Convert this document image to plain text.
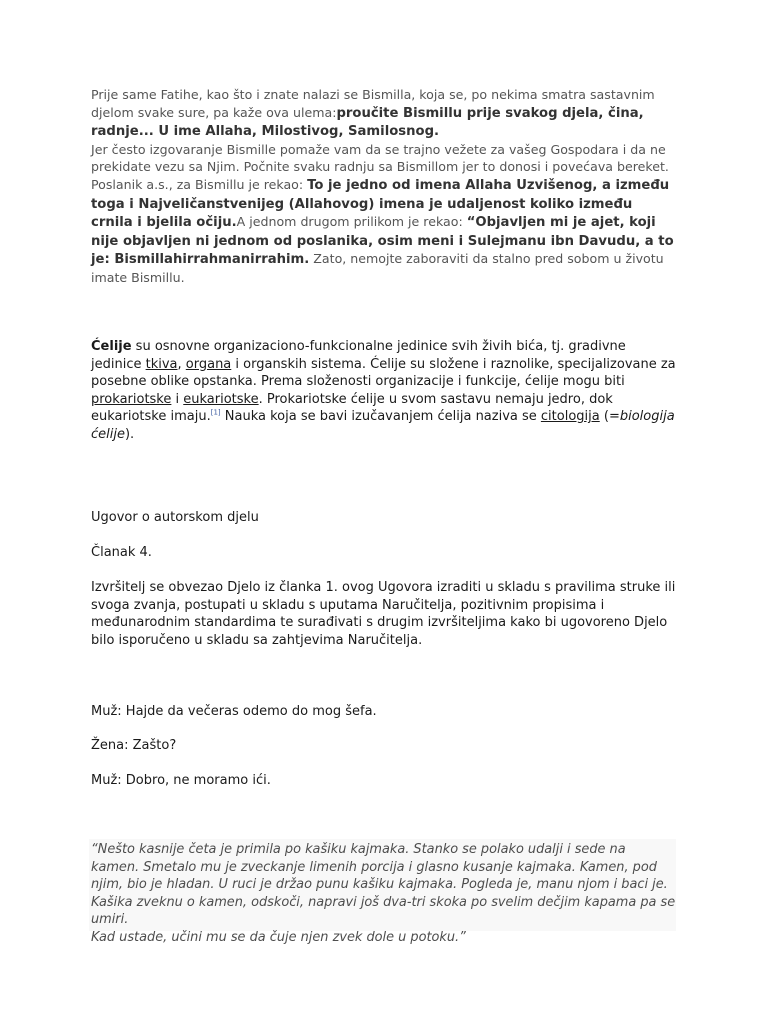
Prije same Fatihe, kao što i znate nalazi se Bismilla, koja se, po nekima smatra sastavnim djelom svake sure, pa kaže ova ulema:proučite Bismillu prije svakog djela, čina, radnje... U ime Allaha, Milostivog, Samilosnog.
Jer često izgovaranje Bismille pomaže vam da se trajno vežete za vašeg Gospodara i da ne prekidate vezu sa Njim. Počnite svaku radnju sa Bismillom jer to donosi i povećava bereket. Poslanik a.s., za Bismillu je rekao: To je jedno od imena Allaha Uzvišenog, a između toga i Najveličanstvenijeg (Allahovog) imena je udaljenost koliko između crnila i bjelila očiju.A jednom drugom prilikom je rekao: “Objavljen mi je ajet, koji nije objavljen ni jednom od poslanika, osim meni i Sulejmanu ibn Davudu, a to je: Bismillahirrahmanirrahim. Zato, nemojte zaboraviti da stalno pred sobom u životu imate Bismillu.

Ćelije su osnovne organizaciono-funkcionalne jedinice svih živih bića, tj. gradivne jedinice tkiva, organa i organskih sistema. Ćelije su složene i raznolike, specijalizovane za posebne oblike opstanka. Prema složenosti organizacije i funkcije, ćelije mogu biti prokariotske i eukariotske. Prokariotske ćelije u svom sastavu nemaju jedro, dok eukariotske imaju.[1] Nauka koja se bavi izučavanjem ćelija naziva se citologija (=biologija ćelije).

Ugovor o autorskom djelu

Članak 4.

Izvršitelj se obvezao Djelo iz članka 1. ovog Ugovora izraditi u skladu s pravilima struke ili svoga zvanja, postupati u skladu s uputama Naručitelja, pozitivnim propisima i međunarodnim standardima te surađivati s drugim izvršiteljima kako bi ugovoreno Djelo bilo isporučeno u skladu sa zahtjevima Naručitelja.

Muž: Hajde da večeras odemo do mog šefa.

Žena: Zašto?

Muž: Dobro, ne moramo ići.

“Nešto kasnije četa je primila po kašiku kajmaka. Stanko se polako udalji i sede na kamen. Smetalo mu je zveckanje limenih porcija i glasno kusanje kajmaka. Kamen, pod njim, bio je hladan. U ruci je držao punu kašiku kajmaka. Pogleda je, manu njom i baci je. Kašika zveknu o kamen, odskoči, napravi još dva-tri skoka po svelim dečjim kapama pa se umiri.

Kad ustade, učini mu se da čuje njen zvek dole u potoku.”
